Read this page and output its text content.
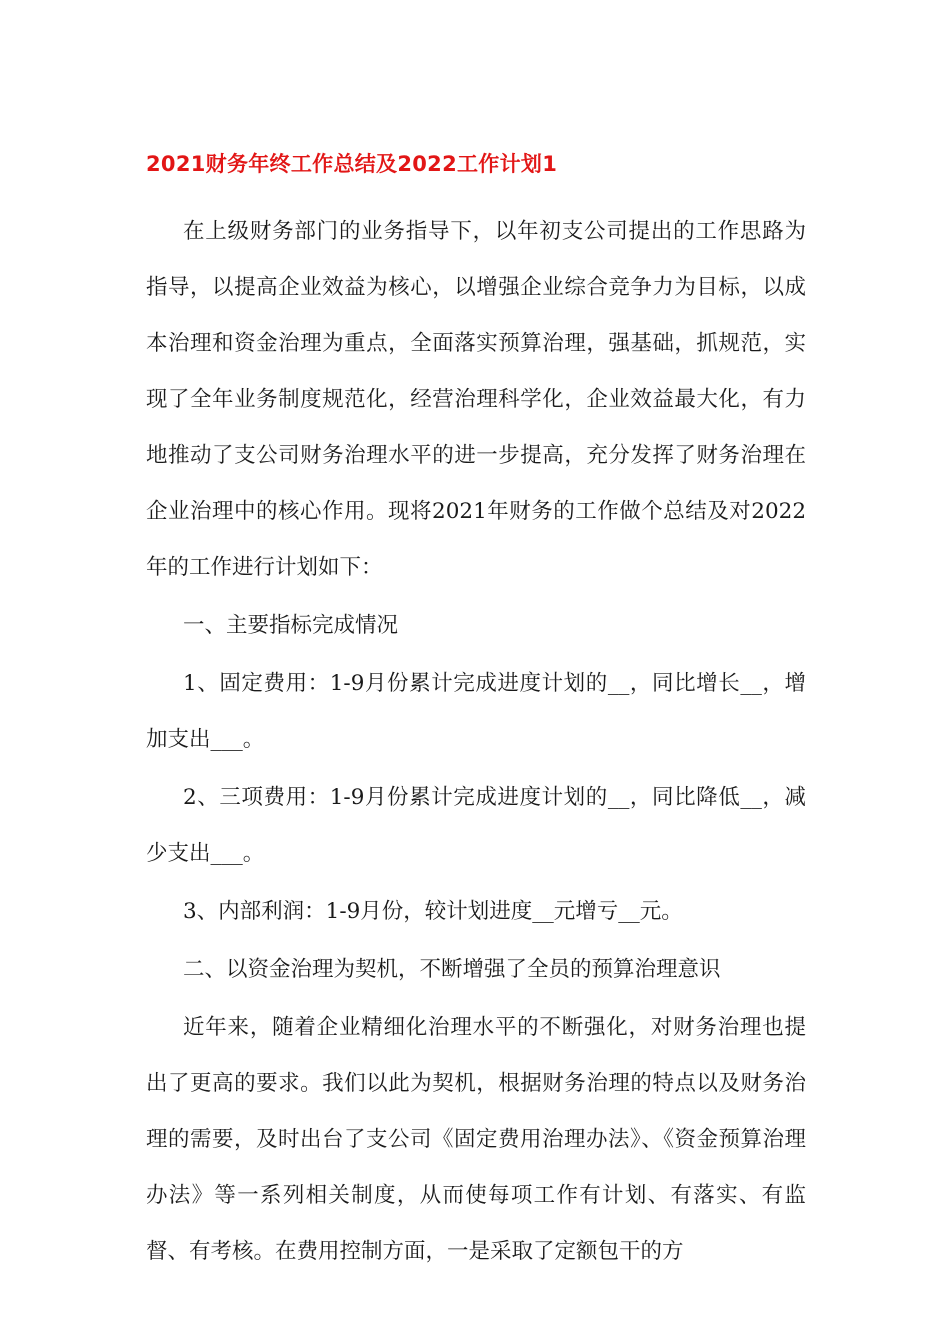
2021财务年终工作总结及2022工作计划1

在上级财务部门的业务指导下，以年初支公司提出的工作思路为指导，以提高企业效益为核心，以增强企业综合竞争力为目标，以成本治理和资金治理为重点，全面落实预算治理，强基础，抓规范，实现了全年业务制度规范化，经营治理科学化，企业效益最大化，有力地推动了支公司财务治理水平的进一步提高，充分发挥了财务治理在企业治理中的核心作用。现将2021年财务的工作做个总结及对2022年的工作进行计划如下：

一、主要指标完成情况

1、固定费用：1-9月份累计完成进度计划的__，同比增长__，增加支出___。

2、三项费用：1-9月份累计完成进度计划的__，同比降低__，减少支出___。

3、内部利润：1-9月份，较计划进度__元增亏__元。

二、以资金治理为契机，不断增强了全员的预算治理意识

近年来，随着企业精细化治理水平的不断强化，对财务治理也提出了更高的要求。我们以此为契机，根据财务治理的特点以及财务治理的需要，及时出台了支公司《固定费用治理办法》、《资金预算治理办法》等一系列相关制度，从而使每项工作有计划、有落实、有监督、有考核。在费用控制方面，一是采取了定额包干的方
